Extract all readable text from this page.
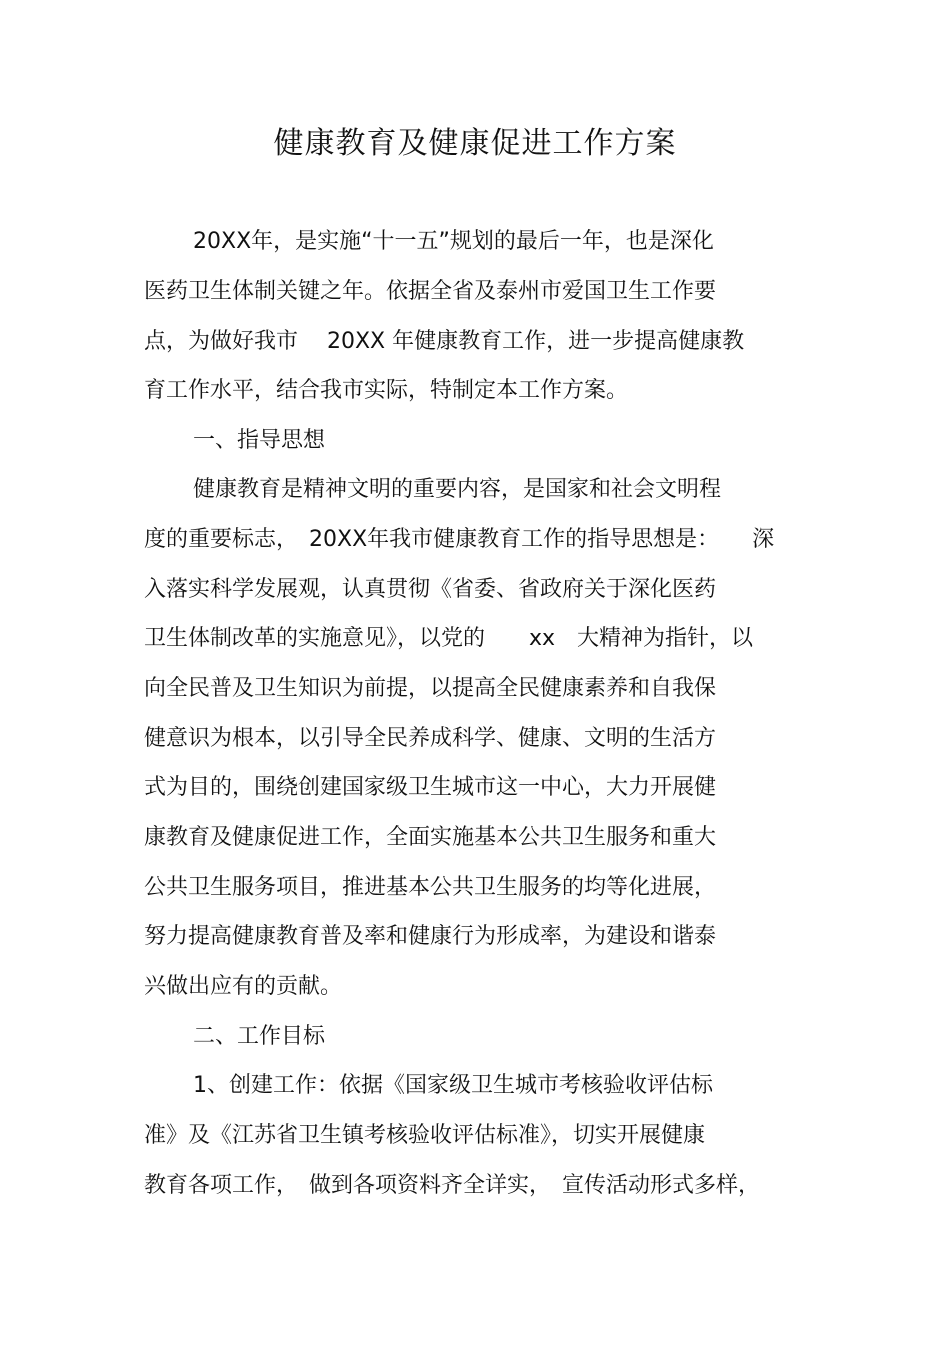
健康教育及健康促进工作方案

20XX年，是实施“十一五”规划的最后一年，也是深化

医药卫生体制关键之年。依据全省及泰州市爱国卫生工作要

点，为做好我市　 20XX 年健康教育工作，进一步提高健康教

育工作水平，结合我市实际，特制定本工作方案。

一、指导思想

健康教育是精神文明的重要内容，是国家和社会文明程

度的重要标志，　20XX年我市健康教育工作的指导思想是：　　深

入落实科学发展观，认真贯彻《省委、省政府关于深化医药

卫生体制改革的实施意见》，以党的　　xx　大精神为指针，以

向全民普及卫生知识为前提，以提高全民健康素养和自我保

健意识为根本，以引导全民养成科学、健康、文明的生活方

式为目的，围绕创建国家级卫生城市这一中心，大力开展健

康教育及健康促进工作，全面实施基本公共卫生服务和重大

公共卫生服务项目，推进基本公共卫生服务的均等化进展，

努力提高健康教育普及率和健康行为形成率，为建设和谐泰

兴做出应有的贡献。

二、工作目标

1、创建工作：依据《国家级卫生城市考核验收评估标

准》及《江苏省卫生镇考核验收评估标准》，切实开展健康

教育各项工作，　做到各项资料齐全详实，　宣传活动形式多样，
